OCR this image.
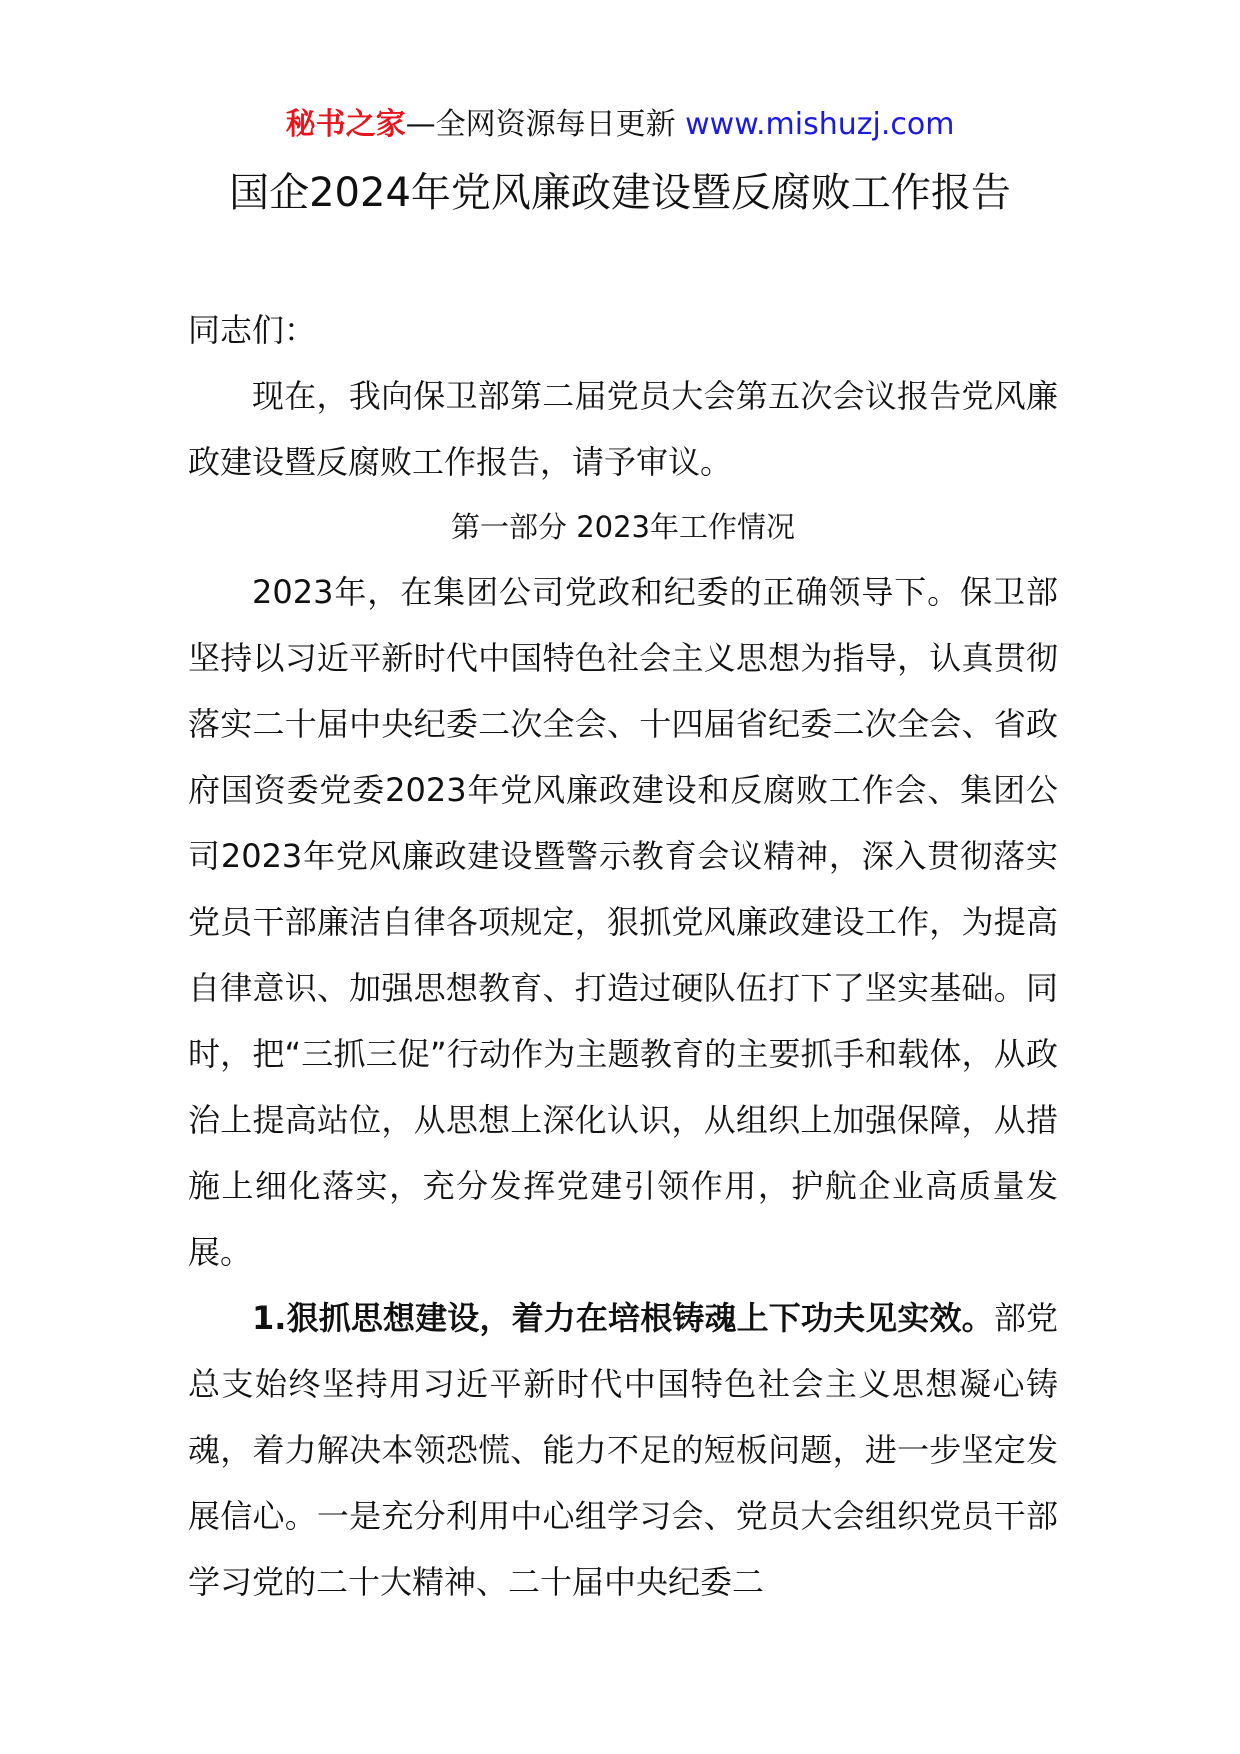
秘书之家—全网资源每日更新 www.mishuzj.com
国企2024年党风廉政建设暨反腐败工作报告

同志们：

现在，我向保卫部第二届党员大会第五次会议报告党风廉政建设暨反腐败工作报告，请予审议。

第一部分 2023年工作情况

2023年，在集团公司党政和纪委的正确领导下。保卫部坚持以习近平新时代中国特色社会主义思想为指导，认真贯彻落实二十届中央纪委二次全会、十四届省纪委二次全会、省政府国资委党委2023年党风廉政建设和反腐败工作会、集团公司2023年党风廉政建设暨警示教育会议精神，深入贯彻落实党员干部廉洁自律各项规定，狠抓党风廉政建设工作，为提高自律意识、加强思想教育、打造过硬队伍打下了坚实基础。同时，把“三抓三促”行动作为主题教育的主要抓手和载体，从政治上提高站位，从思想上深化认识，从组织上加强保障，从措施上细化落实，充分发挥党建引领作用，护航企业高质量发展。

1.狠抓思想建设，着力在培根铸魂上下功夫见实效。部党总支始终坚持用习近平新时代中国特色社会主义思想凝心铸魂，着力解决本领恐慌、能力不足的短板问题，进一步坚定发展信心。一是充分利用中心组学习会、党员大会组织党员干部学习党的二十大精神、二十届中央纪委二
